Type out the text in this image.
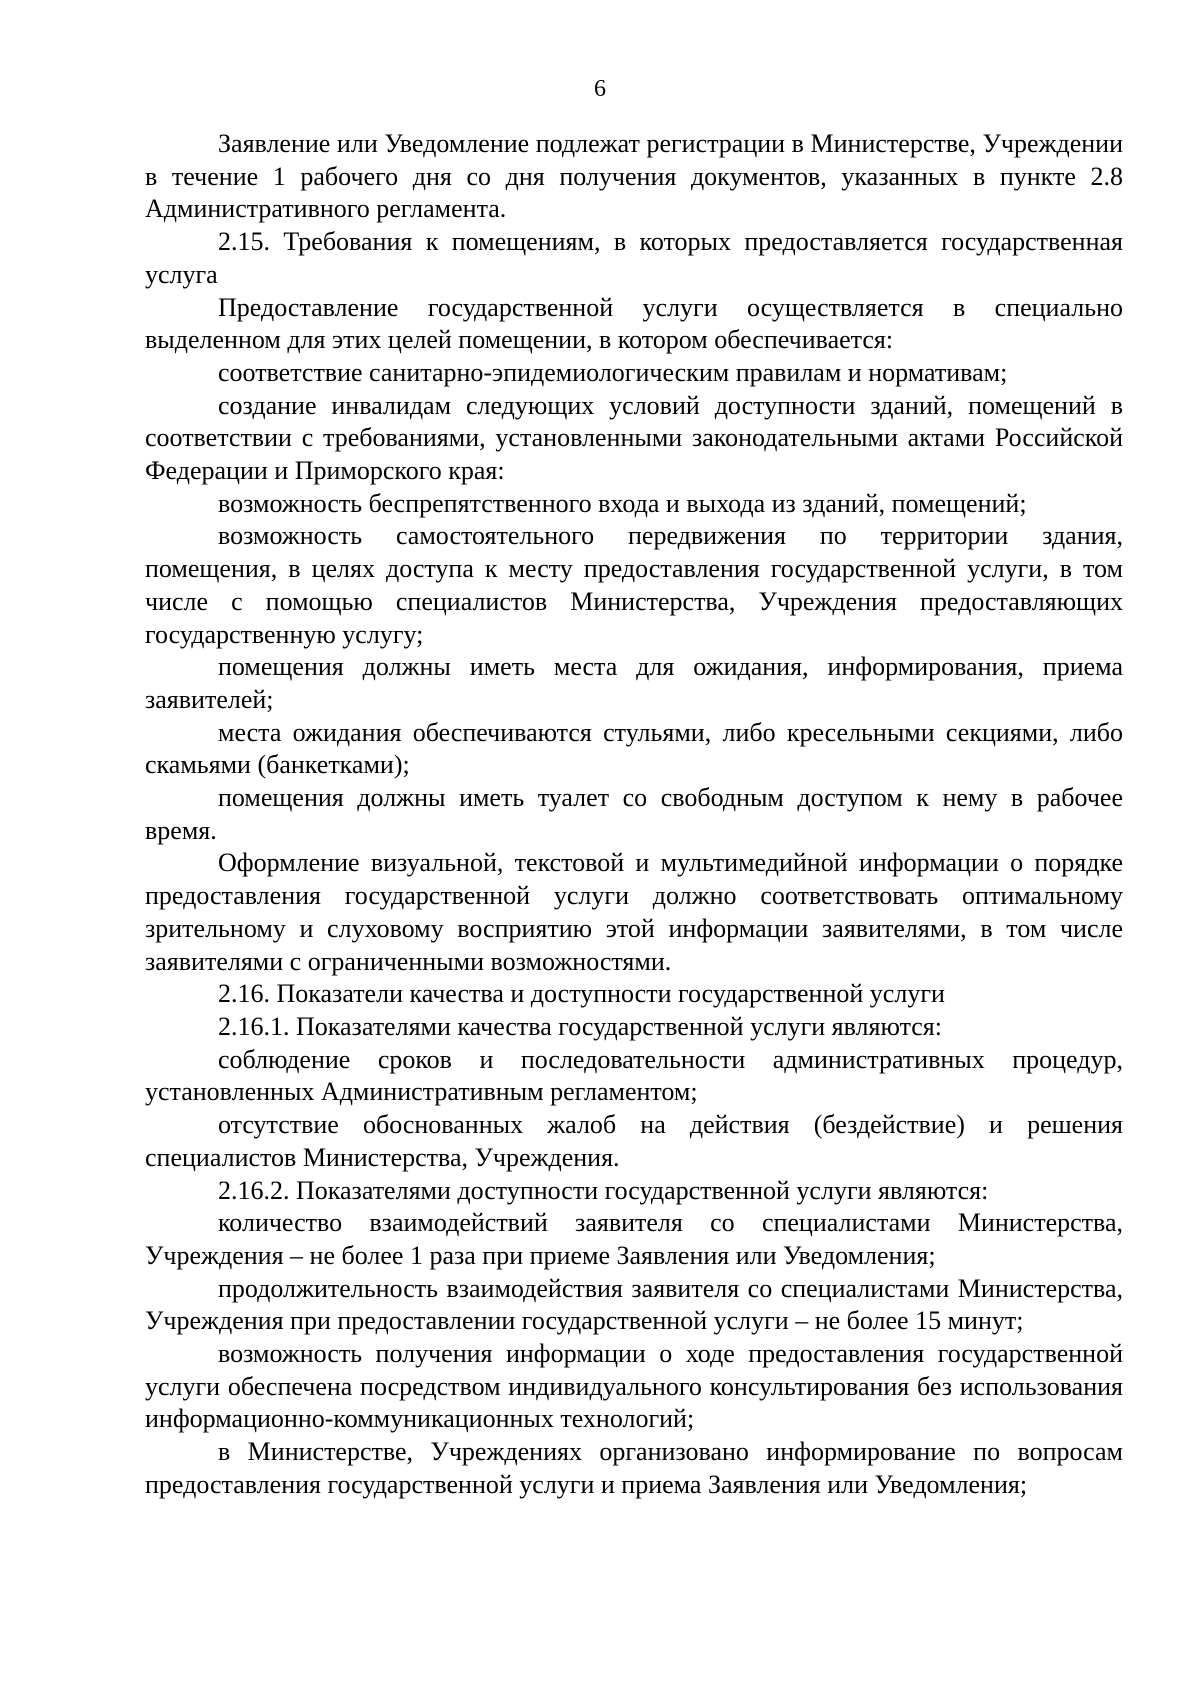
6

Заявление или Уведомление подлежат регистрации в Министерстве, Учреждении в течение 1 рабочего дня со дня получения документов, указанных в пункте 2.8 Административного регламента.

2.15. Требования к помещениям, в которых предоставляется государственная услуга

Предоставление государственной услуги осуществляется в специально выделенном для этих целей помещении, в котором обеспечивается:

соответствие санитарно-эпидемиологическим правилам и нормативам;

создание инвалидам следующих условий доступности зданий, помещений в соответствии с требованиями, установленными законодательными актами Российской Федерации и Приморского края:

возможность беспрепятственного входа и выхода из зданий, помещений;

возможность самостоятельного передвижения по территории здания, помещения, в целях доступа к месту предоставления государственной услуги, в том числе с помощью специалистов Министерства, Учреждения предоставляющих государственную услугу;

помещения должны иметь места для ожидания, информирования, приема заявителей;

места ожидания обеспечиваются стульями, либо кресельными секциями, либо скамьями (банкетками);

помещения должны иметь туалет со свободным доступом к нему в рабочее время.

Оформление визуальной, текстовой и мультимедийной информации о порядке предоставления государственной услуги должно соответствовать оптимальному зрительному и слуховому восприятию этой информации заявителями, в том числе заявителями с ограниченными возможностями.

2.16. Показатели качества и доступности государственной услуги

2.16.1. Показателями качества государственной услуги являются:

соблюдение сроков и последовательности административных процедур, установленных Административным регламентом;

отсутствие обоснованных жалоб на действия (бездействие) и решения специалистов Министерства, Учреждения.

2.16.2. Показателями доступности государственной услуги являются:

количество взаимодействий заявителя со специалистами Министерства, Учреждения – не более 1 раза при приеме Заявления или Уведомления;

продолжительность взаимодействия заявителя со специалистами Министерства, Учреждения при предоставлении государственной услуги – не более 15 минут;

возможность получения информации о ходе предоставления государственной услуги обеспечена посредством индивидуального консультирования без использования информационно-коммуникационных технологий;

в Министерстве, Учреждениях организовано информирование по вопросам предоставления государственной услуги и приема Заявления или Уведомления;
